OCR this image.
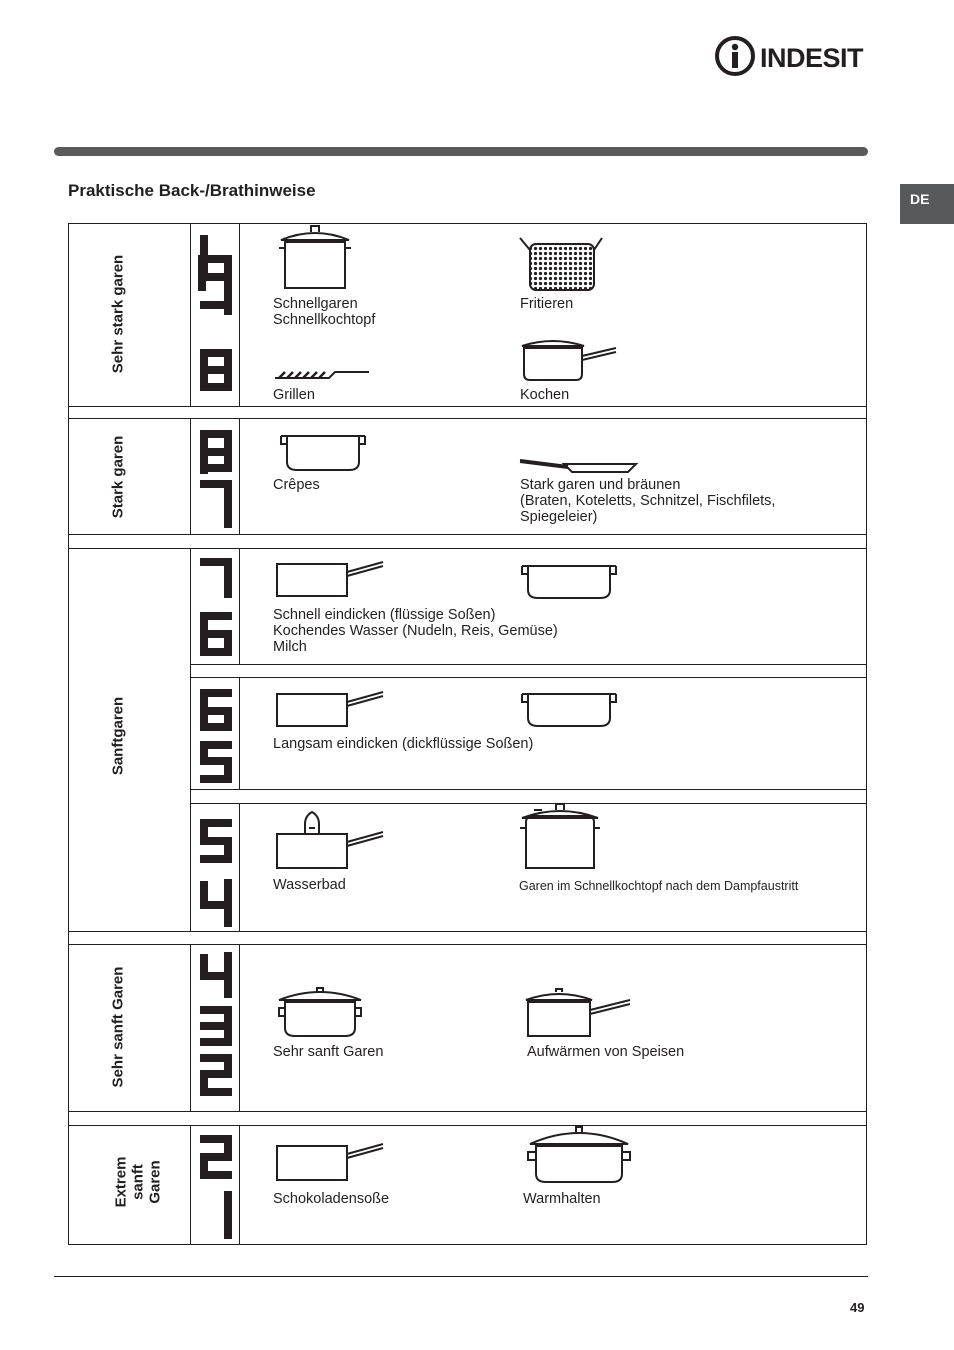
INDESIT
DE
Praktische Back-/Brathinweise
Sehr stark garen
Stark garen
Sanftgaren
Sehr sanft Garen
Extrem
sanft
Garen
Schnellgaren
Schnellkochtopf
Fritieren
Grillen	Kochen
Crêpes	Stark garen und bräunen
(Braten, Koteletts, Schnitzel, Fischfilets,
Spiegeleier)
Schnell eindicken (flüssige Soßen)
Kochendes Wasser (Nudeln, Reis, Gemüse)
Milch
Langsam eindicken (dickflüssige Soßen)
Wasserbad	Garen im Schnellkochtopf nach dem Dampfaustritt
Sehr sanft Garen	Aufwärmen von Speisen
Schokoladensoße	Warmhalten
49
